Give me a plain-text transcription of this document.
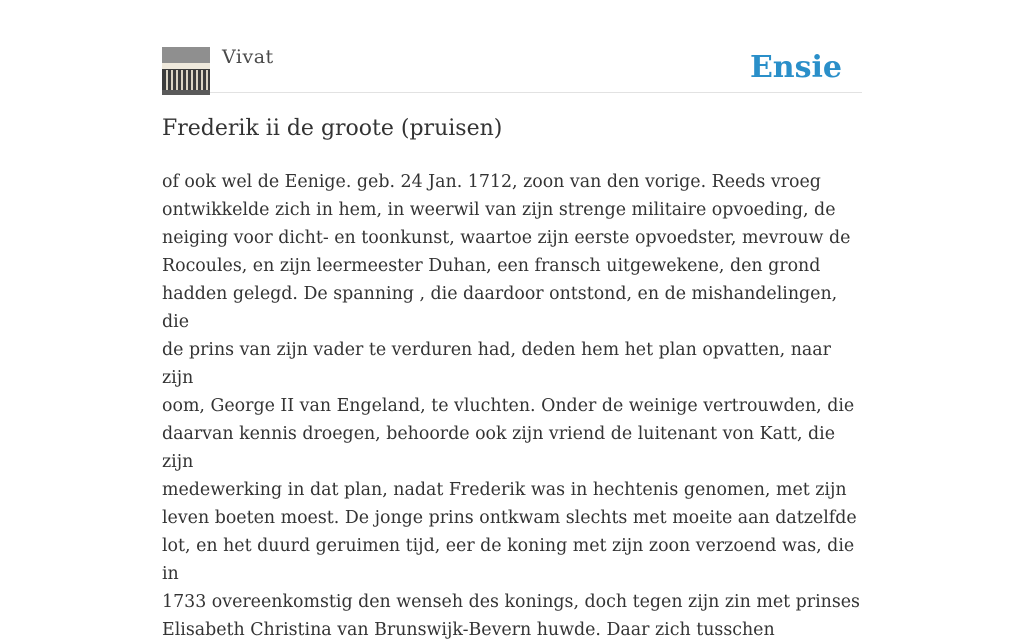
Vivat	Ensie
Frederik ii de groote (pruisen)

of ook wel de Eenige. geb. 24 Jan. 1712, zoon van den vorige. Reeds vroeg
ontwikkelde zich in hem, in weerwil van zijn strenge militaire opvoeding, de
neiging voor dicht- en toonkunst, waartoe zijn eerste opvoedster, mevrouw de
Rocoules, en zijn leermeester Duhan, een fransch uitgewekene, den grond
hadden gelegd. De spanning , die daardoor ontstond, en de mishandelingen, die
de prins van zijn vader te verduren had, deden hem het plan opvatten, naar zijn
oom, George II van Engeland, te vluchten. Onder de weinige vertrouwden, die
daarvan kennis droegen, behoorde ook zijn vriend de luitenant von Katt, die zijn
medewerking in dat plan, nadat Frederik was in hechtenis genomen, met zijn
leven boeten moest. De jonge prins ontkwam slechts met moeite aan datzelfde
lot, en het duurd geruimen tijd, eer de koning met zijn zoon verzoend was, die in
1733 overeenkomstig den wenseh des konings, doch tegen zijn zin met prinses
Elisabeth Christina van Brunswijk-Bevern huwde. Daar zich tusschen
